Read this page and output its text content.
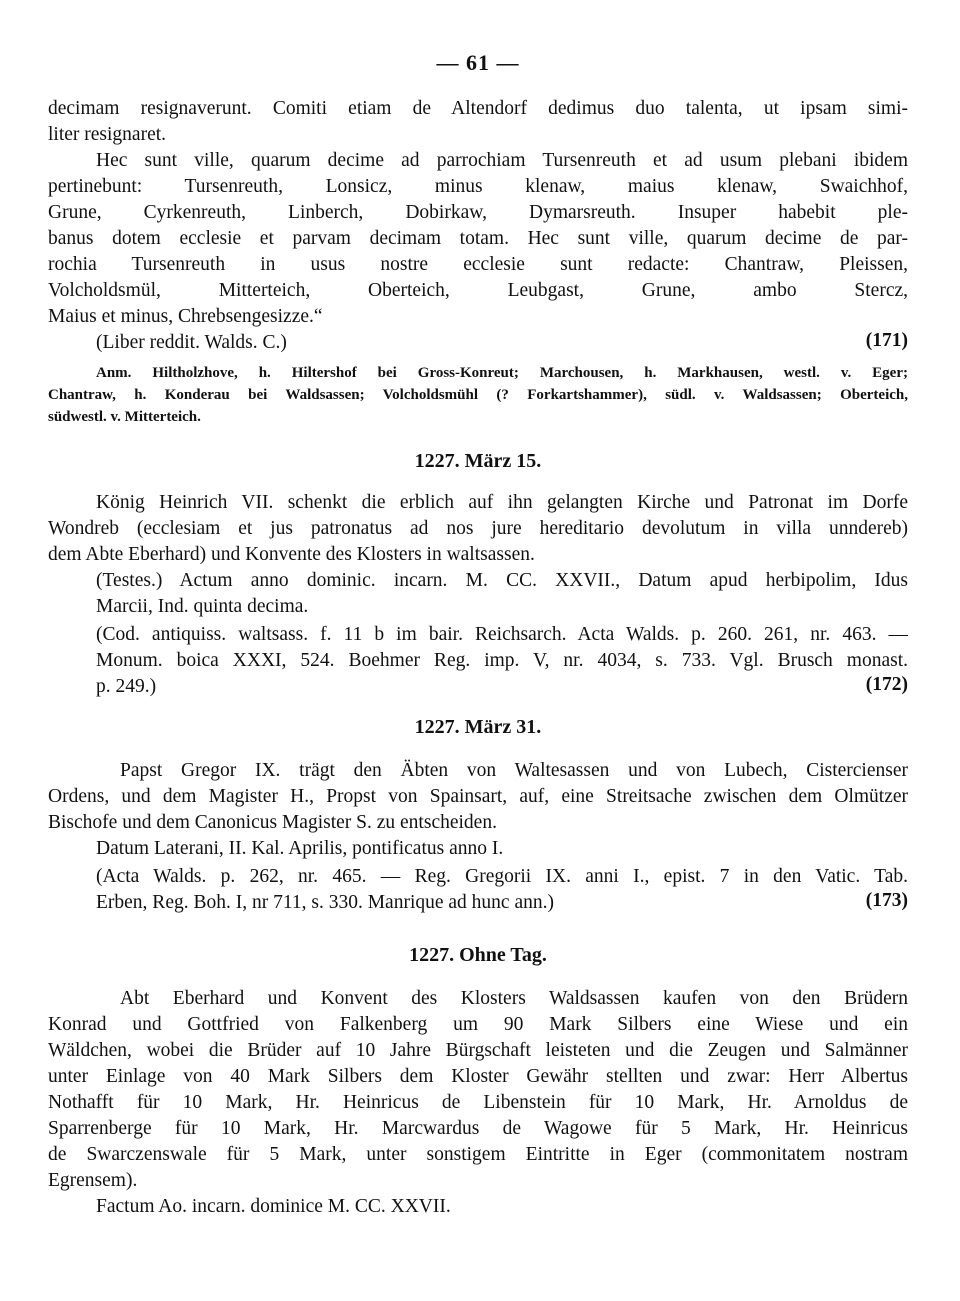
— 61 —
decimam resignaverunt. Comiti etiam de Altendorf dedimus duo talenta, ut ipsam simi-
liter resignaret.
Hec sunt ville, quarum decime ad parrochiam Tursenreuth et ad usum plebani ibidem
pertinebunt: Tursenreuth, Lonsicz, minus klenaw, maius klenaw, Swaichhof,
Grune, Cyrkenreuth, Linberch, Dobirkaw, Dymarsreuth. Insuper habebit ple-
banus dotem ecclesie et parvam decimam totam. Hec sunt ville, quarum decime de par-
rochia Tursenreuth in usus nostre ecclesie sunt redacte: Chantraw, Pleissen,
Volcholdsmül, Mitterteich, Oberteich, Leubgast, Grune, ambo Stercz,
Maius et minus, Chrebsengesizze.“
(Liber reddit. Walds. C.)	(171)
Anm. Hiltholzhove, h. Hiltershof bei Gross-Konreut; Marchousen, h. Markhausen, westl. v. Eger;
Chantraw, h. Konderau bei Waldsassen; Volcholdsmühl (? Forkartshammer), südl. v. Waldsassen; Oberteich,
südwestl. v. Mitterteich.
1227. März 15.
König Heinrich VII. schenkt die erblich auf ihn gelangten Kirche und Patronat im Dorfe
Wondreb (ecclesiam et jus patronatus ad nos jure hereditario devolutum in villa unndereb)
dem Abte Eberhard) und Konvente des Klosters in waltsassen.
(Testes.) Actum anno dominic. incarn. M. CC. XXVII., Datum apud herbipolim, Idus
Marcii, Ind. quinta decima.
(Cod. antiquiss. waltsass. f. 11 b im bair. Reichsarch. Acta Walds. p. 260. 261, nr. 463. —
Monum. boica XXXI, 524. Boehmer Reg. imp. V, nr. 4034, s. 733. Vgl. Brusch monast.
p. 249.)	(172)
1227. März 31.
Papst Gregor IX. trägt den Äbten von Waltesassen und von Lubech, Cistercienser
Ordens, und dem Magister H., Propst von Spainsart, auf, eine Streitsache zwischen dem Olmützer
Bischofe und dem Canonicus Magister S. zu entscheiden.
Datum Laterani, II. Kal. Aprilis, pontificatus anno I.
(Acta Walds. p. 262, nr. 465. — Reg. Gregorii IX. anni I., epist. 7 in den Vatic. Tab.
Erben, Reg. Boh. I, nr 711, s. 330. Manrique ad hunc ann.)	(173)
1227. Ohne Tag.
Abt Eberhard und Konvent des Klosters Waldsassen kaufen von den Brüdern
Konrad und Gottfried von Falkenberg um 90 Mark Silbers eine Wiese und ein
Wäldchen, wobei die Brüder auf 10 Jahre Bürgschaft leisteten und die Zeugen und Salmänner
unter Einlage von 40 Mark Silbers dem Kloster Gewähr stellten und zwar: Herr Albertus
Nothafft für 10 Mark, Hr. Heinricus de Libenstein für 10 Mark, Hr. Arnoldus de
Sparrenberge für 10 Mark, Hr. Marcwardus de Wagowe für 5 Mark, Hr. Heinricus
de Swarczenswale für 5 Mark, unter sonstigem Eintritte in Eger (commonitatem nostram
Egrensem).
Factum Ao. incarn. dominice M. CC. XXVII.
